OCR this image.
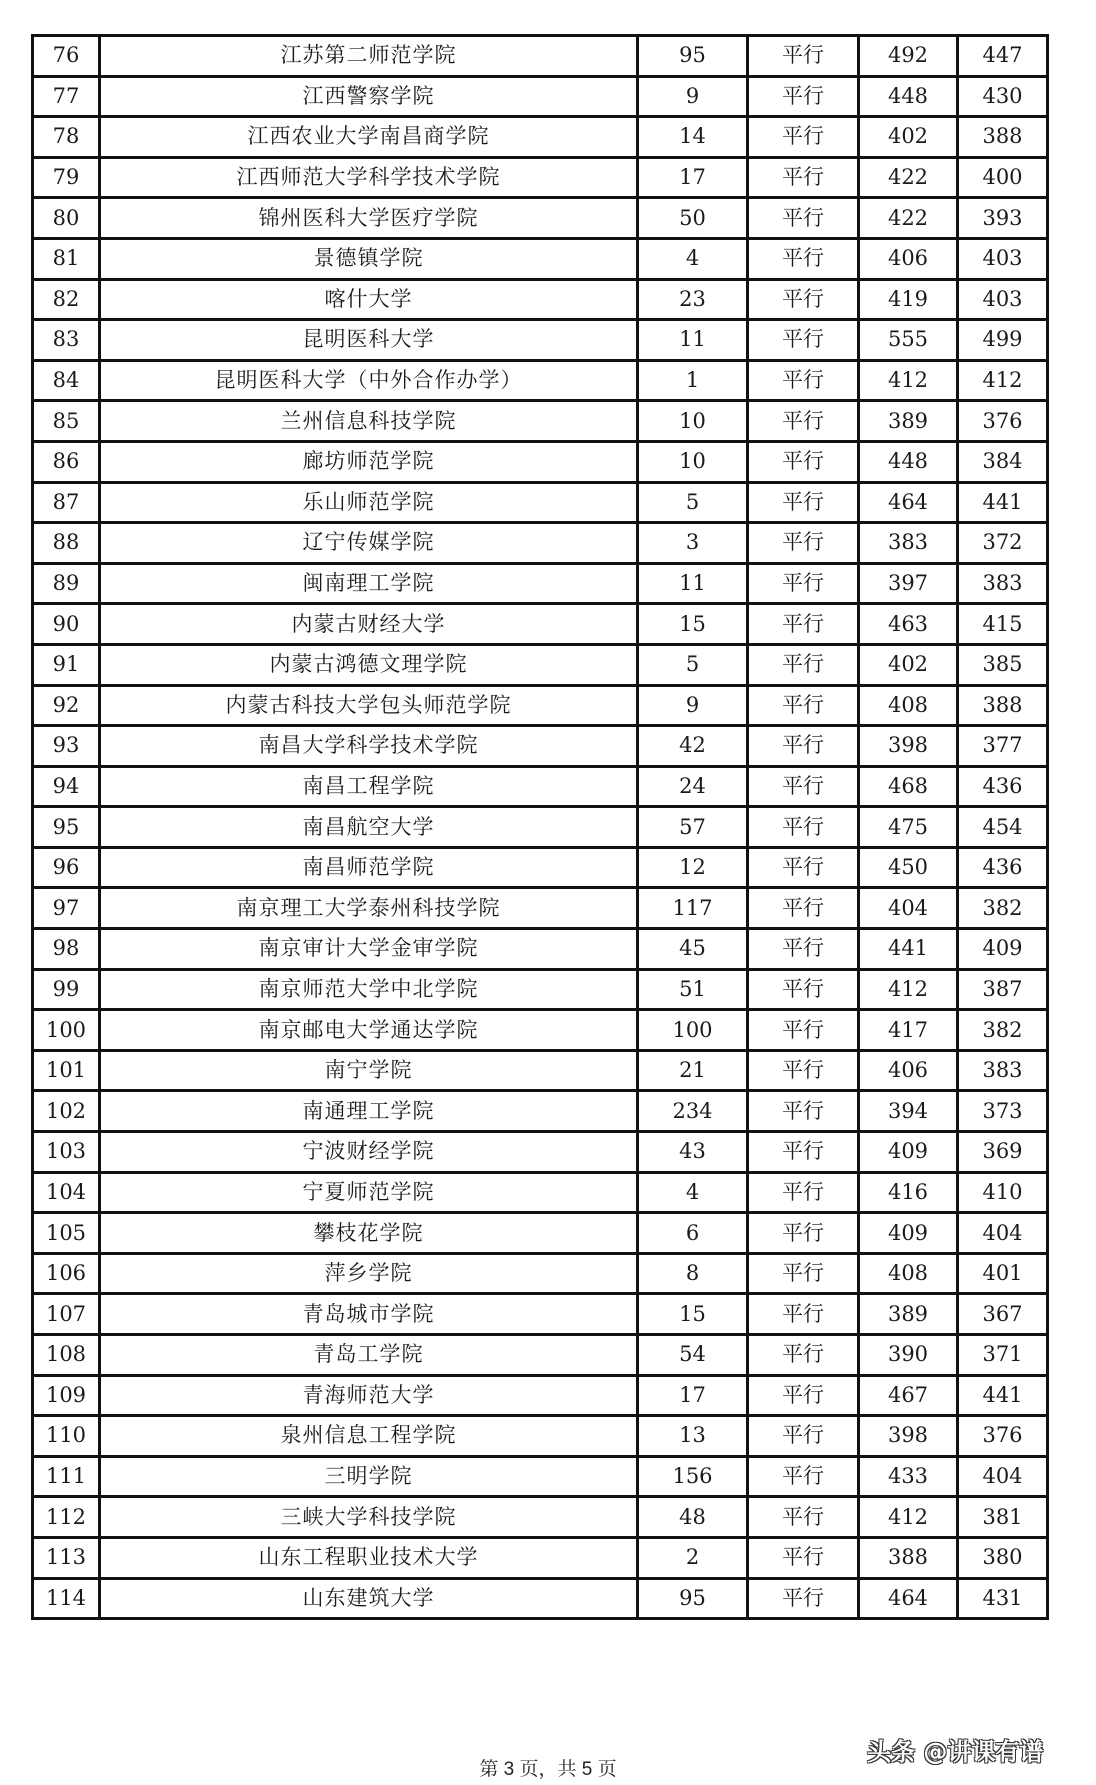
76	江苏第二师范学院	95	平行	492	447
77	江西警察学院	9	平行	448	430
78	江西农业大学南昌商学院	14	平行	402	388
79	江西师范大学科学技术学院	17	平行	422	400
80	锦州医科大学医疗学院	50	平行	422	393
81	景德镇学院	4	平行	406	403
82	喀什大学	23	平行	419	403
83	昆明医科大学	11	平行	555	499
84	昆明医科大学（中外合作办学）	1	平行	412	412
85	兰州信息科技学院	10	平行	389	376
86	廊坊师范学院	10	平行	448	384
87	乐山师范学院	5	平行	464	441
88	辽宁传媒学院	3	平行	383	372
89	闽南理工学院	11	平行	397	383
90	内蒙古财经大学	15	平行	463	415
91	内蒙古鸿德文理学院	5	平行	402	385
92	内蒙古科技大学包头师范学院	9	平行	408	388
93	南昌大学科学技术学院	42	平行	398	377
94	南昌工程学院	24	平行	468	436
95	南昌航空大学	57	平行	475	454
96	南昌师范学院	12	平行	450	436
97	南京理工大学泰州科技学院	117	平行	404	382
98	南京审计大学金审学院	45	平行	441	409
99	南京师范大学中北学院	51	平行	412	387
100	南京邮电大学通达学院	100	平行	417	382
101	南宁学院	21	平行	406	383
102	南通理工学院	234	平行	394	373
103	宁波财经学院	43	平行	409	369
104	宁夏师范学院	4	平行	416	410
105	攀枝花学院	6	平行	409	404
106	萍乡学院	8	平行	408	401
107	青岛城市学院	15	平行	389	367
108	青岛工学院	54	平行	390	371
109	青海师范大学	17	平行	467	441
110	泉州信息工程学院	13	平行	398	376
111	三明学院	156	平行	433	404
112	三峡大学科技学院	48	平行	412	381
113	山东工程职业技术大学	2	平行	388	380
114	山东建筑大学	95	平行	464	431
第 3 页，共 5 页
头条 @讲课有谱
